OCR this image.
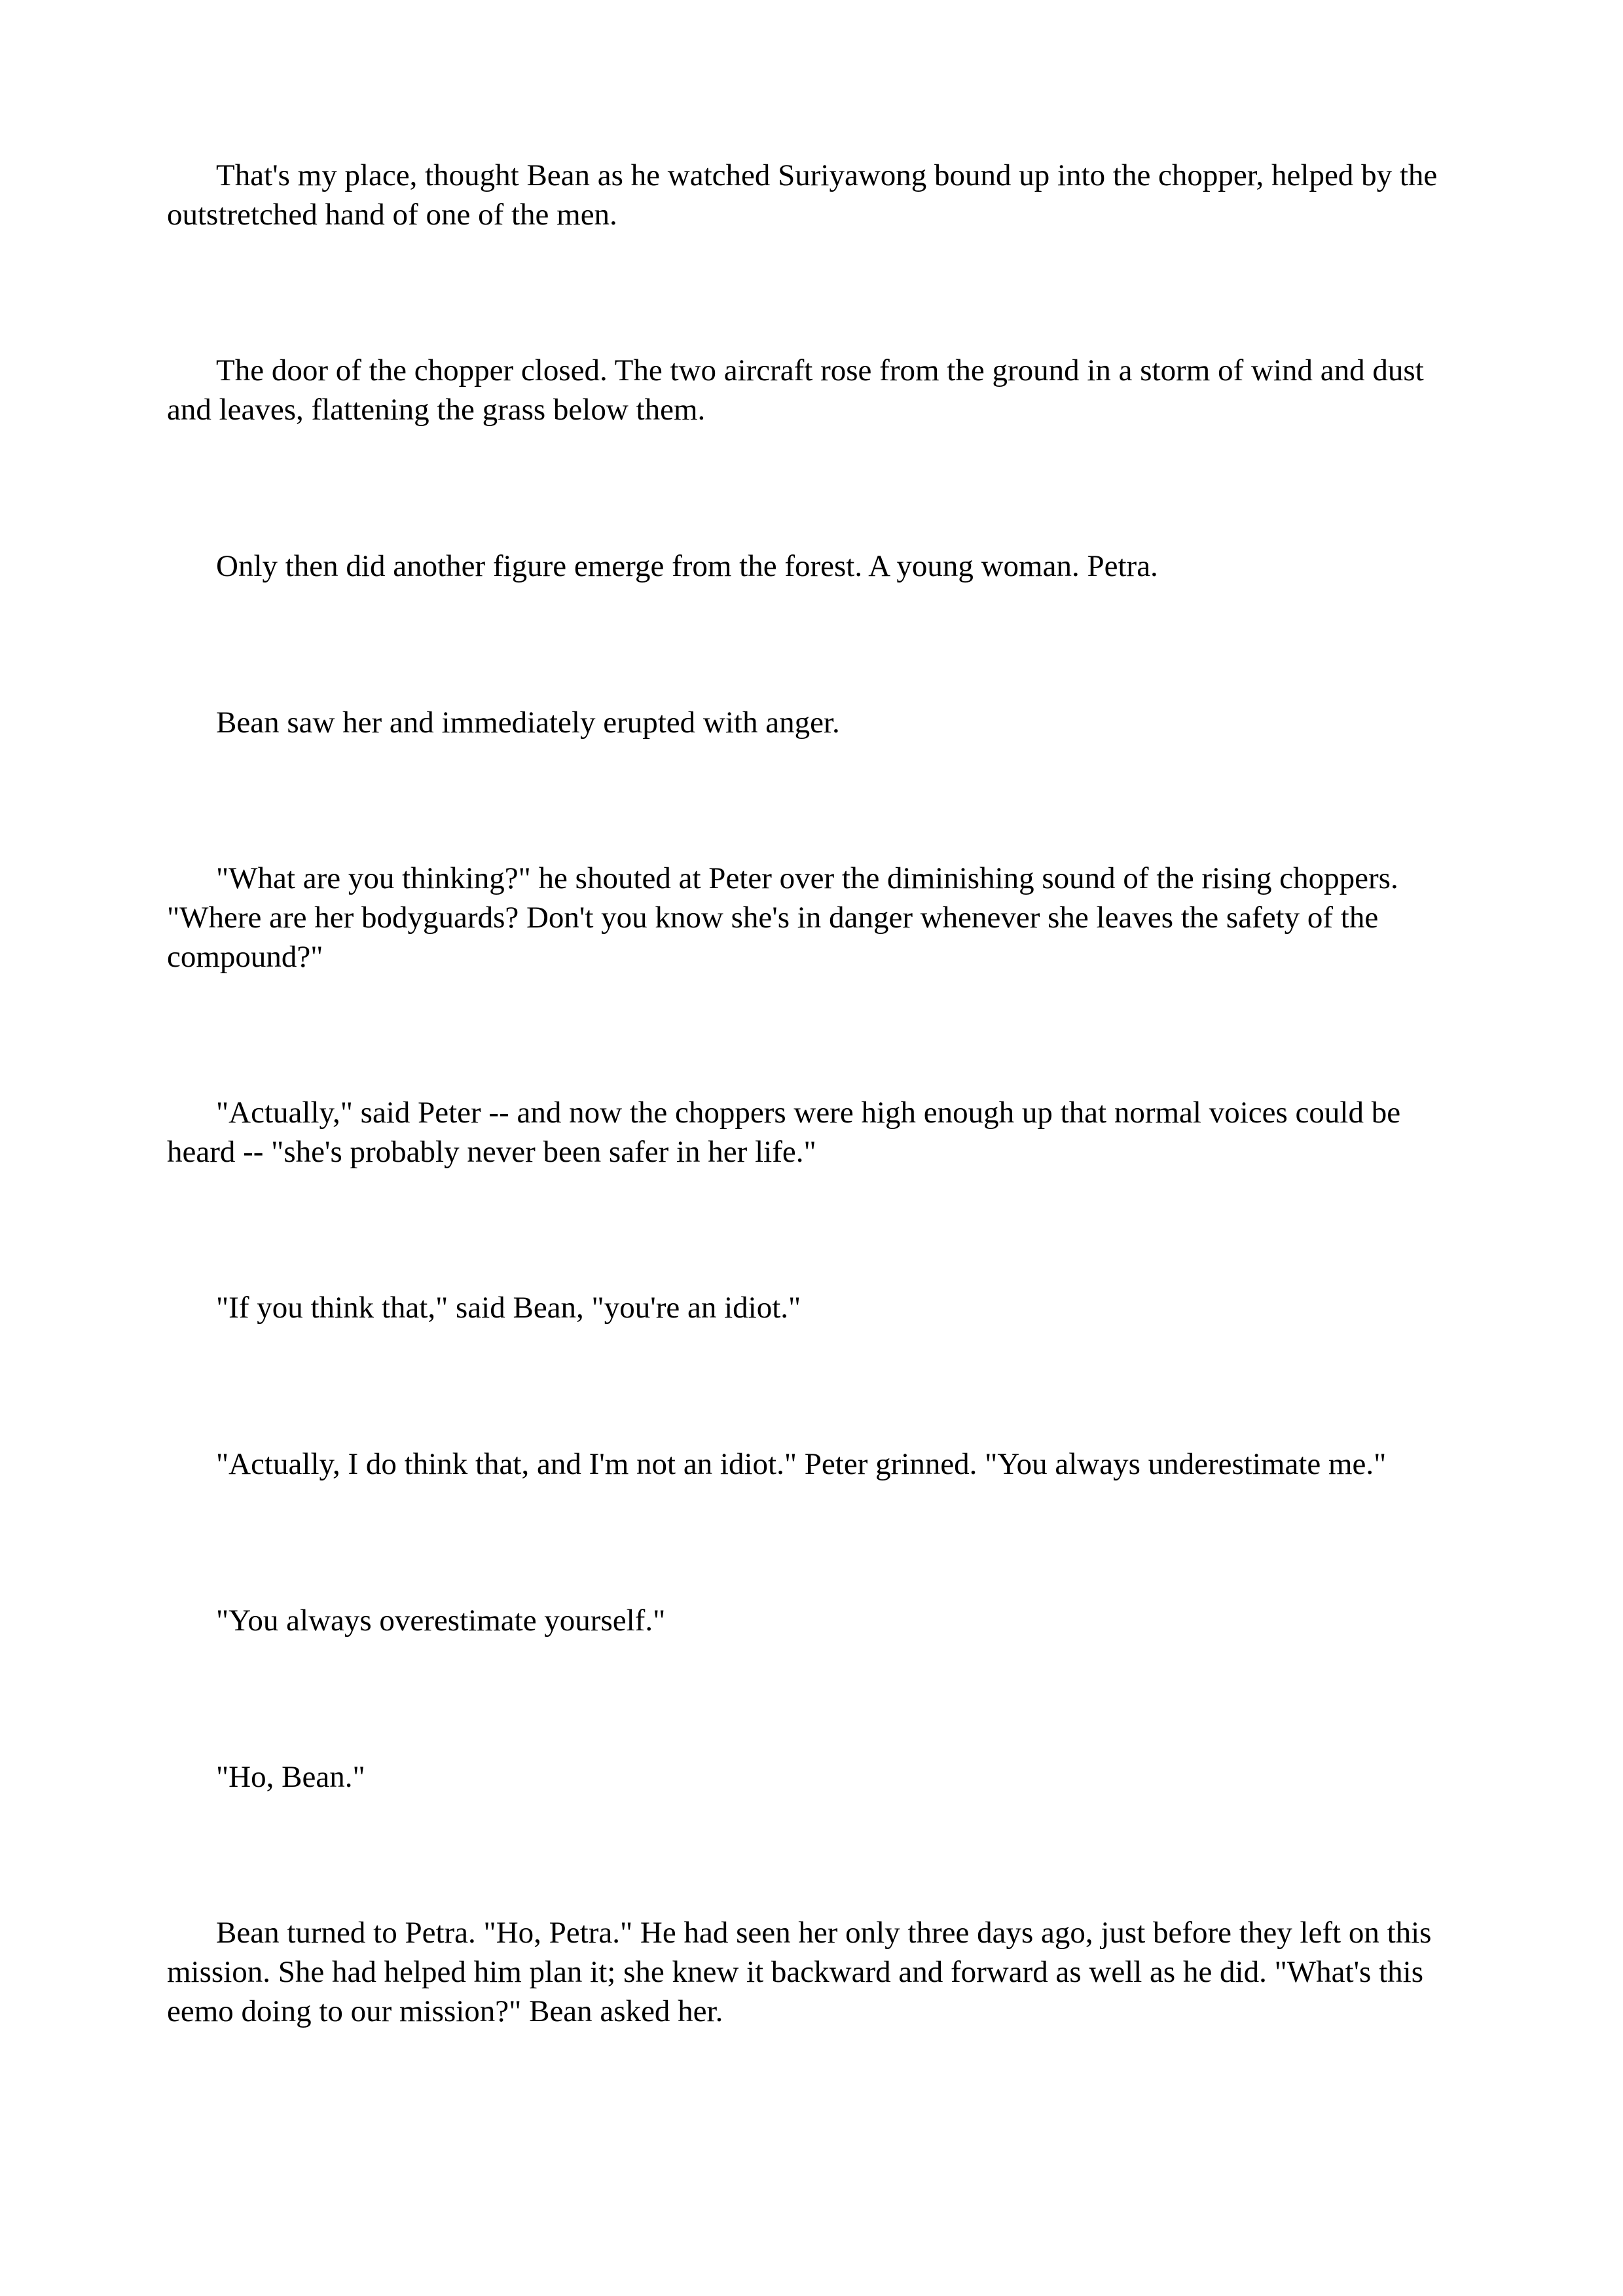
That's my place, thought Bean as he watched Suriyawong bound up into the chopper, helped by the outstretched hand of one of the men.

The door of the chopper closed. The two aircraft rose from the ground in a storm of wind and dust and leaves, flattening the grass below them.

Only then did another figure emerge from the forest. A young woman. Petra.

Bean saw her and immediately erupted with anger.

"What are you thinking?" he shouted at Peter over the diminishing sound of the rising choppers. "Where are her bodyguards? Don't you know she's in danger whenever she leaves the safety of the compound?"

"Actually," said Peter -- and now the choppers were high enough up that normal voices could be heard -- "she's probably never been safer in her life."

"If you think that," said Bean, "you're an idiot."

"Actually, I do think that, and I'm not an idiot." Peter grinned. "You always underestimate me."

"You always overestimate yourself."

"Ho, Bean."

Bean turned to Petra. "Ho, Petra." He had seen her only three days ago, just before they left on this mission. She had helped him plan it; she knew it backward and forward as well as he did. "What's this eemo doing to our mission?" Bean asked her.
